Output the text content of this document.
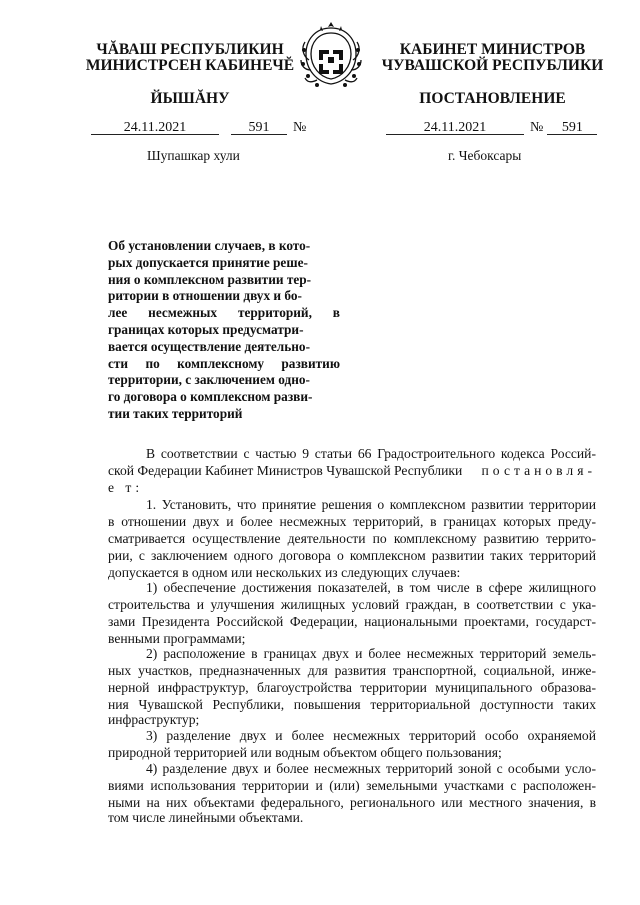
ЧĂВАШ РЕСПУБЛИКИН
МИНИСТРСЕН КАБИНЕЧĔ
ЙЫШĂНУ
КАБИНЕТ МИНИСТРОВ
ЧУВАШСКОЙ РЕСПУБЛИКИ
ПОСТАНОВЛЕНИЕ
24.11.2021	591 №	24.11.2021	№ 591
Шупашкар хули	г. Чебоксары
Об установлении случаев, в кото-
рых допускается принятие реше-
ния о комплексном развитии тер-
ритории в отношении двух и бо-
лее несмежных территорий, в
границах которых предусматри-
вается осуществление деятельно-
сти по комплексному развитию
территории, с заключением одно-
го договора о комплексном разви-
тии таких территорий
В соответствии с частью 9 статьи 66 Градостроительного кодекса Россий-
ской Федерации Кабинет Министров Чувашской Республики постановля-
е т:
1. Установить, что принятие решения о комплексном развитии территории
в отношении двух и более несмежных территорий, в границах которых преду-
сматривается осуществление деятельности по комплексному развитию террито-
рии, с заключением одного договора о комплексном развитии таких территорий
допускается в одном или нескольких из следующих случаев:
1) обеспечение достижения показателей, в том числе в сфере жилищного
строительства и улучшения жилищных условий граждан, в соответствии с ука-
зами Президента Российской Федерации, национальными проектами, государст-
венными программами;
2) расположение в границах двух и более несмежных территорий земель-
ных участков, предназначенных для развития транспортной, социальной, инже-
нерной инфраструктур, благоустройства территории муниципального образова-
ния Чувашской Республики, повышения территориальной доступности таких
инфраструктур;
3) разделение двух и более несмежных территорий особо охраняемой
природной территорией или водным объектом общего пользования;
4) разделение двух и более несмежных территорий зоной с особыми усло-
виями использования территории и (или) земельными участками с расположен-
ными на них объектами федерального, регионального или местного значения, в
том числе линейными объектами.
